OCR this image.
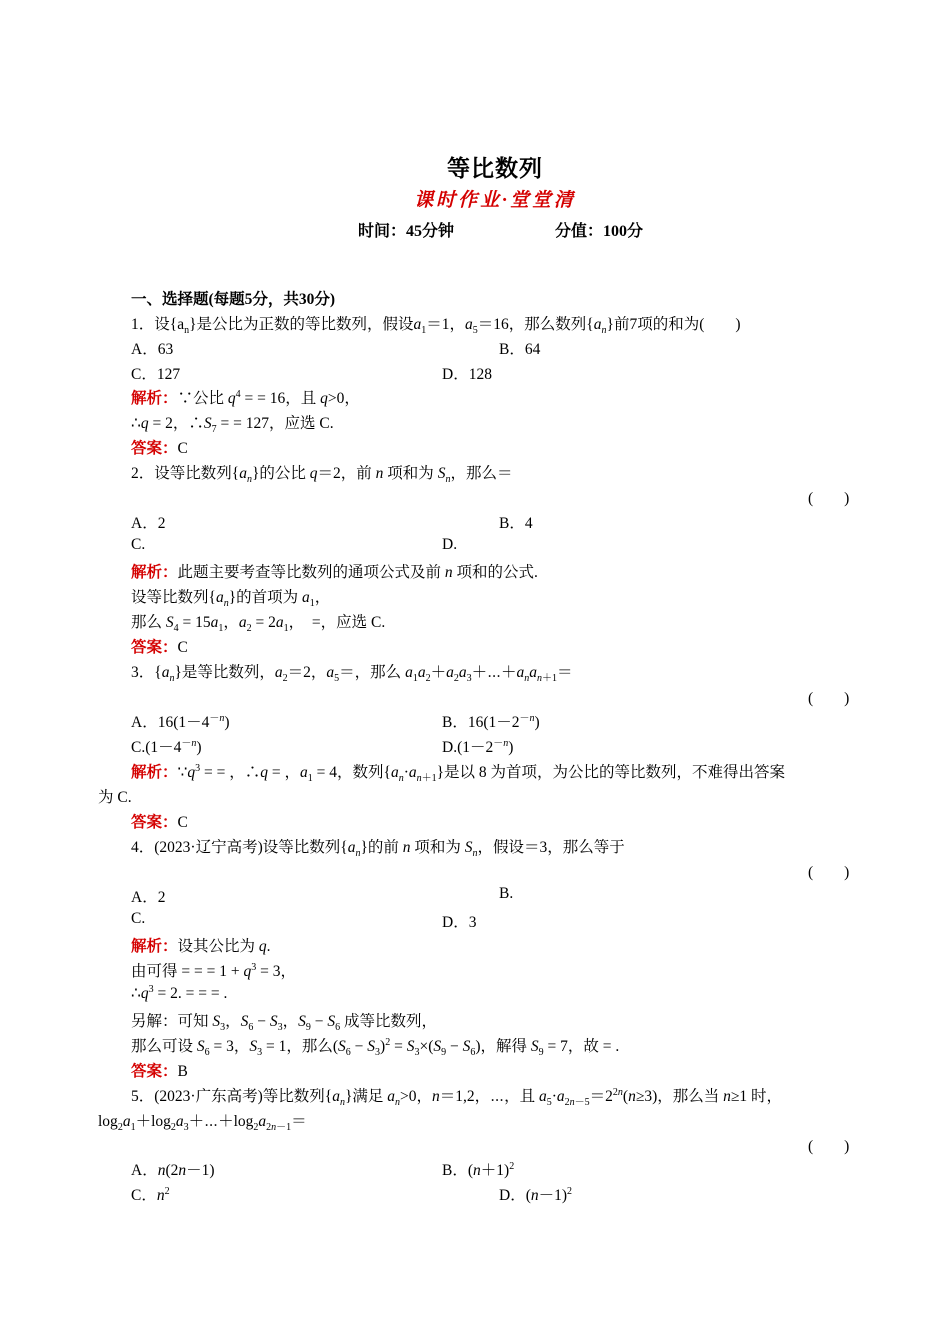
等比数列
课时作业·堂堂清
时间：45分钟	分值：100分
一、选择题(每题5分，共30分)
1．设$\{a_n\}$是公比为正数的等比数列，假设$a_1=1$，$a_5=16$，那么数列$\{a_n\}$前7项的和为(　　)
A．63	B．64
C．127	D．128
解析：∵公比 $q^4$ = = 16，且 q>0，
∴q = 2，$\therefore S_7$ = = 127，应选 C.
答案：C
2．设等比数列$\{a_n\}$的公比 q＝2，前 n 项和为 $S_n$，那么＝
(　　)
A．2	B．4
C.	D.
解析：此题主要考查等比数列的通项公式及前 n 项和的公式.
设等比数列$\{a_n\}$的首项为 $a_1$，
那么 $S_4 = 15a_1$，$a_2 = 2a_1$，　=，应选 C.
答案：C
3．$\{a_n\}$是等比数列，$a_2=2$，$a_5=$，那么 $a_1a_2+a_2a_3+\cdots+a_na_{n+1}=$
(　　)
A．$16(1-4^{-n})$	B．$16(1-2^{-n})$
$C.(1-4^{-n})$	$D.(1-2^{-n})$
解析：$\because q^3$ = = ，∴q = ，$a_1 = 4$，数列$\{a_n\cdot a_{n+1}\}$是以 8 为首项，为公比的等比数列，不难得出答案
为 C.
答案：C
4．(2023·辽宁高考)设等比数列$\{a_n\}$的前 n 项和为 $S_n$，假设＝3，那么等于
(　　)
A．2	B.
C.	D．3
解析：设其公比为 q.
由可得 = = = $1 + q^3 = 3$，
$\therefore q^3 = 2$. = = = .
另解：可知 $S_3$，$S_6 - S_3$，$S_9 - S_6$ 成等比数列，
那么可设 $S_6 = 3$，$S_3 = 1$，那么$(S_6 - S_3)^2 = S_3\times(S_9 - S_6)$，解得 $S_9 = 7$，故 = .
答案：B
5．(2023·广东高考)等比数列$\{a_n\}$满足 $a_n>0$，n＝1,2，⋯，且 $a_5\cdot a_{2n-5}=2^{2n}(n\ge 3)$，那么当 n≥1 时，
$\log_2a_1+\log_2a_3+\cdots+\log_2a_{2n-1}=$
(　　)
A．n(2n－1)	B．$(n+1)^2$
C．$n^2$	D．$(n-1)^2$
